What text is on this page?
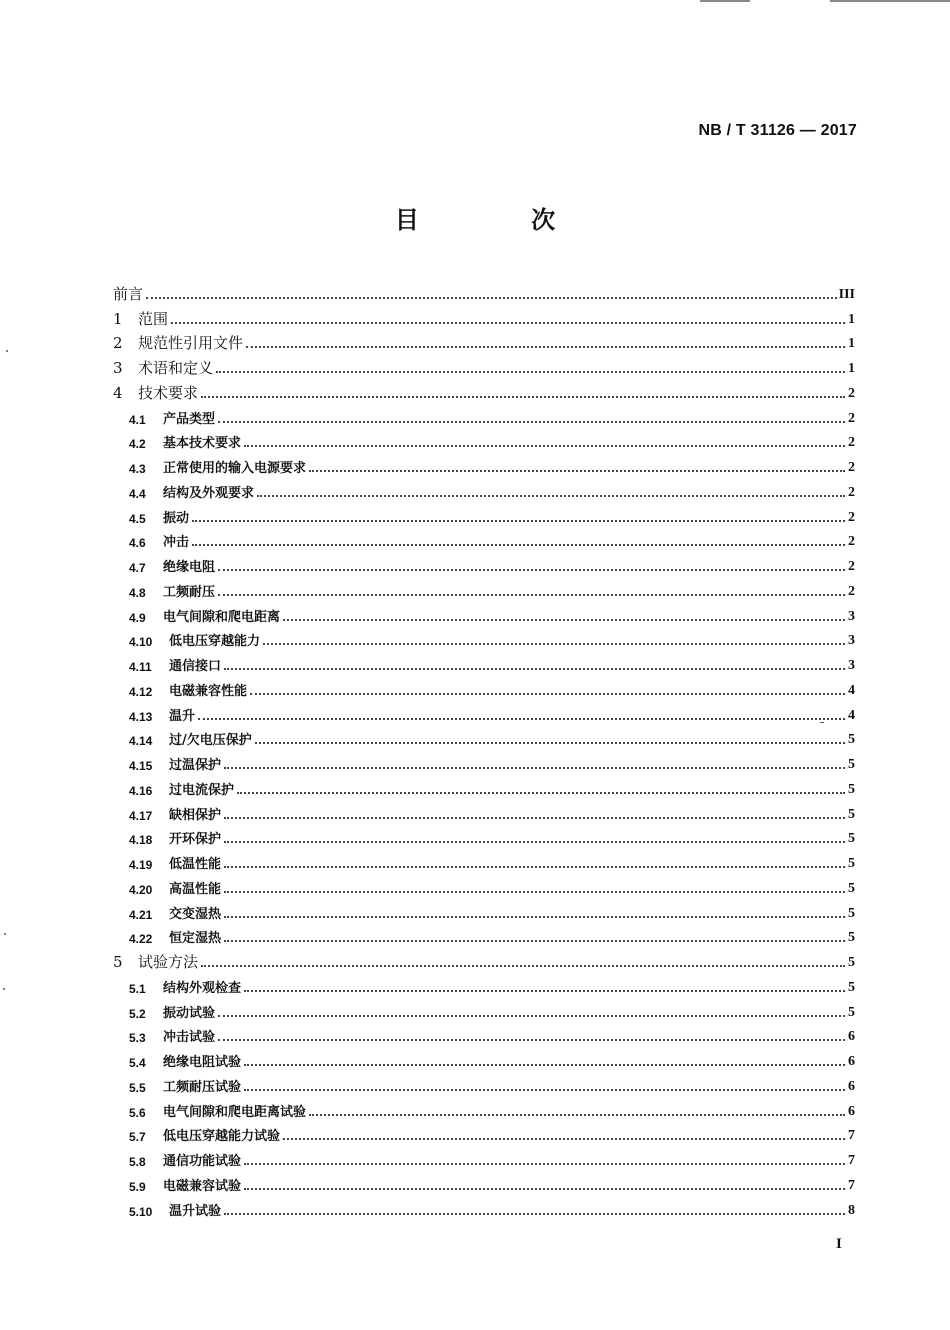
NB / T 31126 — 2017
目 次
前言	III
1	范围	1
2	规范性引用文件	1
3	术语和定义	1
4	技术要求	2
4.1	产品类型	2
4.2	基本技术要求	2
4.3	正常使用的输入电源要求	2
4.4	结构及外观要求	2
4.5	振动	2
4.6	冲击	2
4.7	绝缘电阻	2
4.8	工频耐压	2
4.9	电气间隙和爬电距离	3
4.10	低电压穿越能力	3
4.11	通信接口	3
4.12	电磁兼容性能	4
4.13	温升	4
4.14	过/欠电压保护	5
4.15	过温保护	5
4.16	过电流保护	5
4.17	缺相保护	5
4.18	开环保护	5
4.19	低温性能	5
4.20	高温性能	5
4.21	交变湿热	5
4.22	恒定湿热	5
5	试验方法	5
5.1	结构外观检查	5
5.2	振动试验	5
5.3	冲击试验	6
5.4	绝缘电阻试验	6
5.5	工频耐压试验	6
5.6	电气间隙和爬电距离试验	6
5.7	低电压穿越能力试验	7
5.8	通信功能试验	7
5.9	电磁兼容试验	7
5.10	温升试验	8
I
